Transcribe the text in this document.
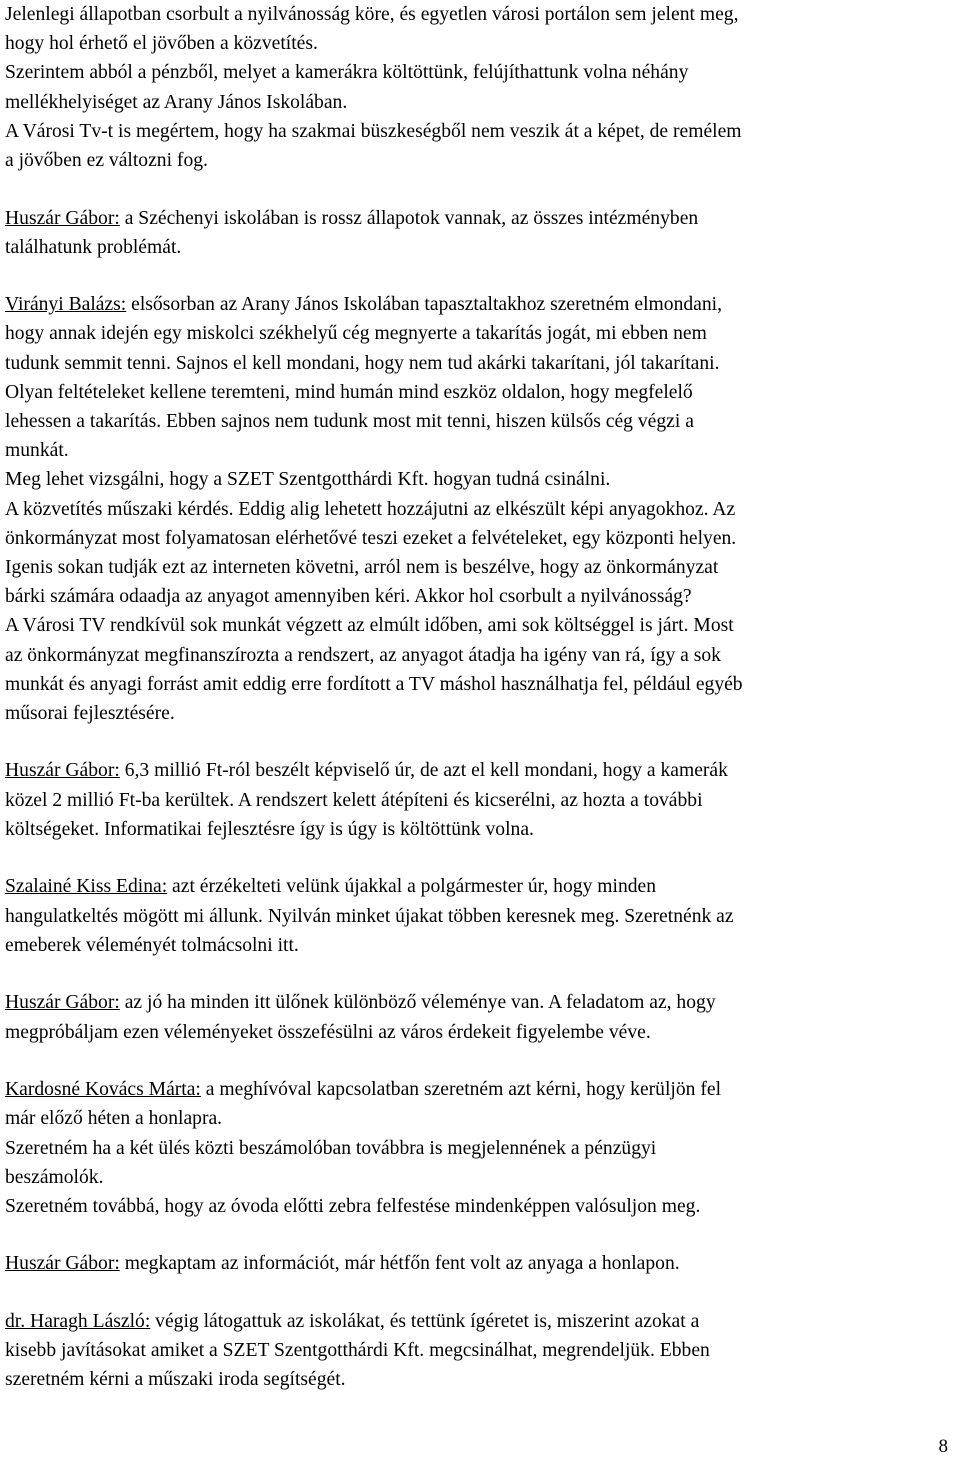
Jelenlegi állapotban csorbult a nyilvánosság köre, és egyetlen városi portálon sem jelent meg,
hogy hol érhető el jövőben a közvetítés.
Szerintem abból a pénzből, melyet a kamerákra költöttünk, felújíthattunk volna néhány
mellékhelyiséget az Arany János Iskolában.
A Városi Tv-t is megértem, hogy ha szakmai büszkeségből nem veszik át a képet, de remélem
a jövőben ez változni fog.
Huszár Gábor: a Széchenyi iskolában is rossz állapotok vannak, az összes intézményben
találhatunk problémát.
Virányi Balázs: elsősorban az Arany János Iskolában tapasztaltakhoz szeretném elmondani,
hogy annak idején egy miskolci székhelyű cég megnyerte a takarítás jogát, mi ebben nem
tudunk semmit tenni. Sajnos el kell mondani, hogy nem tud akárki takarítani, jól takarítani.
Olyan feltételeket kellene teremteni, mind humán mind eszköz oldalon, hogy megfelelő
lehessen a takarítás. Ebben sajnos nem tudunk most mit tenni, hiszen külsős cég végzi a
munkát.
Meg lehet vizsgálni, hogy a SZET Szentgotthárdi Kft. hogyan tudná csinálni.
A közvetítés műszaki kérdés. Eddig alig lehetett hozzájutni az elkészült képi anyagokhoz. Az
önkormányzat most folyamatosan elérhetővé teszi ezeket a felvételeket, egy központi helyen.
Igenis sokan tudják ezt az interneten követni, arról nem is beszélve, hogy az önkormányzat
bárki számára odaadja az anyagot amennyiben kéri. Akkor hol csorbult a nyilvánosság?
A Városi TV rendkívül sok munkát végzett az elmúlt időben, ami sok költséggel is járt. Most
az önkormányzat megfinanszírozta a rendszert, az anyagot átadja ha igény van rá, így a sok
munkát és anyagi forrást amit eddig erre fordított a TV máshol használhatja fel, például egyéb
műsorai fejlesztésére.
Huszár Gábor: 6,3 millió Ft-ról beszélt képviselő úr, de azt el kell mondani, hogy a kamerák
közel 2 millió Ft-ba kerültek. A rendszert kelett átépíteni és kicserélni, az hozta a további
költségeket. Informatikai fejlesztésre így is úgy is költöttünk volna.
Szalainé Kiss Edina: azt érzékelteti velünk újakkal a polgármester úr, hogy minden
hangulatkeltés mögött mi állunk. Nyilván minket újakat többen keresnek meg. Szeretnénk az
emeberek véleményét tolmácsolni itt.
Huszár Gábor: az jó ha minden itt ülőnek különböző véleménye van. A feladatom az, hogy
megpróbáljam ezen véleményeket összefésülni az város érdekeit figyelembe véve.
Kardosné Kovács Márta: a meghívóval kapcsolatban szeretném azt kérni, hogy kerüljön fel
már előző héten a honlapra.
Szeretném ha a két ülés közti beszámolóban továbbra is megjelennének a pénzügyi
beszámolók.
Szeretném továbbá, hogy az óvoda előtti zebra felfestése mindenképpen valósuljon meg.
Huszár Gábor: megkaptam az információt, már hétfőn fent volt az anyaga a honlapon.
dr. Haragh László: végig látogattuk az iskolákat, és tettünk ígéretet is, miszerint azokat a
kisebb javításokat amiket a SZET Szentgotthárdi Kft. megcsinálhat, megrendeljük. Ebben
szeretném kérni a műszaki iroda segítségét.
8
